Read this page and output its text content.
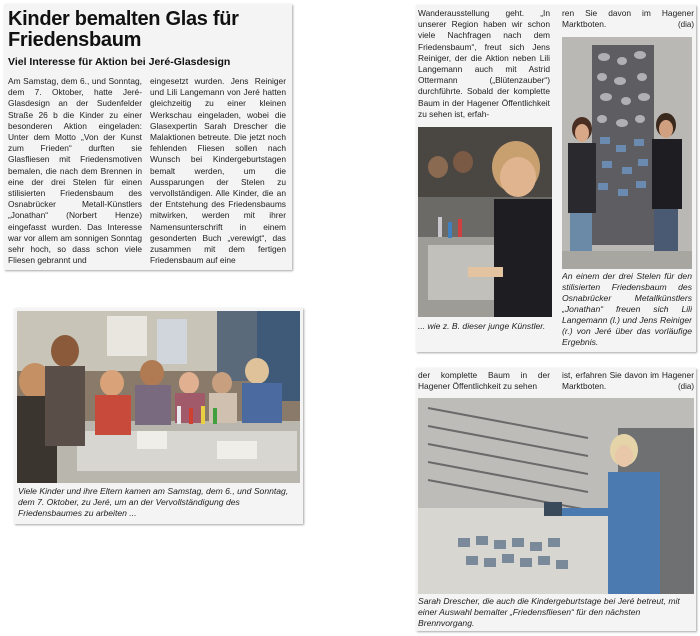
Kinder bemalten Glas für Friedensbaum
Viel Interesse für Aktion bei Jeré-Glasdesign
Am Samstag, dem 6., und Sonntag, dem 7. Oktober, hatte Jeré-Glasdesign an der Sudenfelder Straße 26 b die Kinder zu einer besonderen Aktion eingeladen: Unter dem Motto „Von der Kunst zum Frieden“ durften sie Glasfliesen mit Friedensmotiven bemalen, die nach dem Brennen in eine der drei Stelen für einen stilisierten Friedensbaum des Osnabrücker Metall-Künstlers „Jonathan“ (Norbert Henze) eingefasst wurden. Das Interesse war vor allem am sonnigen Sonntag sehr hoch, so dass schon viele Fliesen gebrannt und
eingesetzt wurden. Jens Reiniger und Lili Langemann von Jeré hatten gleichzeitig zu einer kleinen Werkschau eingeladen, wobei die Glasexpertin Sarah Drescher die Malaktionen betreute. Die jetzt noch fehlenden Fliesen sollen nach Wunsch bei Kindergeburtstagen bemalt werden, um die Aussparungen der Stelen zu vervollständigen. Alle Kinder, die an der Entstehung des Friedensbaums mitwirken, werden mit ihrer Namensunterschrift in einem gesonderten Buch „verewigt“, das zusammen mit dem fertigen Friedensbaum auf eine
Viele Kinder und ihre Eltern kamen am Samstag, dem 6., und Sonntag, dem 7. Oktober, zu Jeré, um an der Vervollständigung des Friedensbaumes zu arbeiten ...
Wanderausstellung geht. „In unserer Region haben wir schon viele Nachfragen nach dem Friedensbaum“, freut sich Jens Reiniger, der die Aktion neben Lili Langemann auch mit Astrid Ottermann („Blütenzauber“) durchführte. Sobald der komplette Baum in der Hagener Öffentlichkeit zu sehen ist, erfah-
ren Sie davon im Hagener Marktboten.	(dia)
... wie z. B. dieser junge Künstler.
An einem der drei Stelen für den stilisierten Friedensbaum des Osnabrücker Metallkünstlers „Jonathan“ freuen sich Lili Langemann (l.) und Jens Reiniger (r.) von Jeré über das vorläufige Ergebnis.
der komplette Baum in der Hagener Öffentlichkeit zu sehen
ist, erfahren Sie davon im Hagener Marktboten.	(dia)
Sarah Drescher, die auch die Kindergeburtstage bei Jeré betreut, mit einer Auswahl bemalter „Friedensfliesen“ für den nächsten Brennvorgang.
